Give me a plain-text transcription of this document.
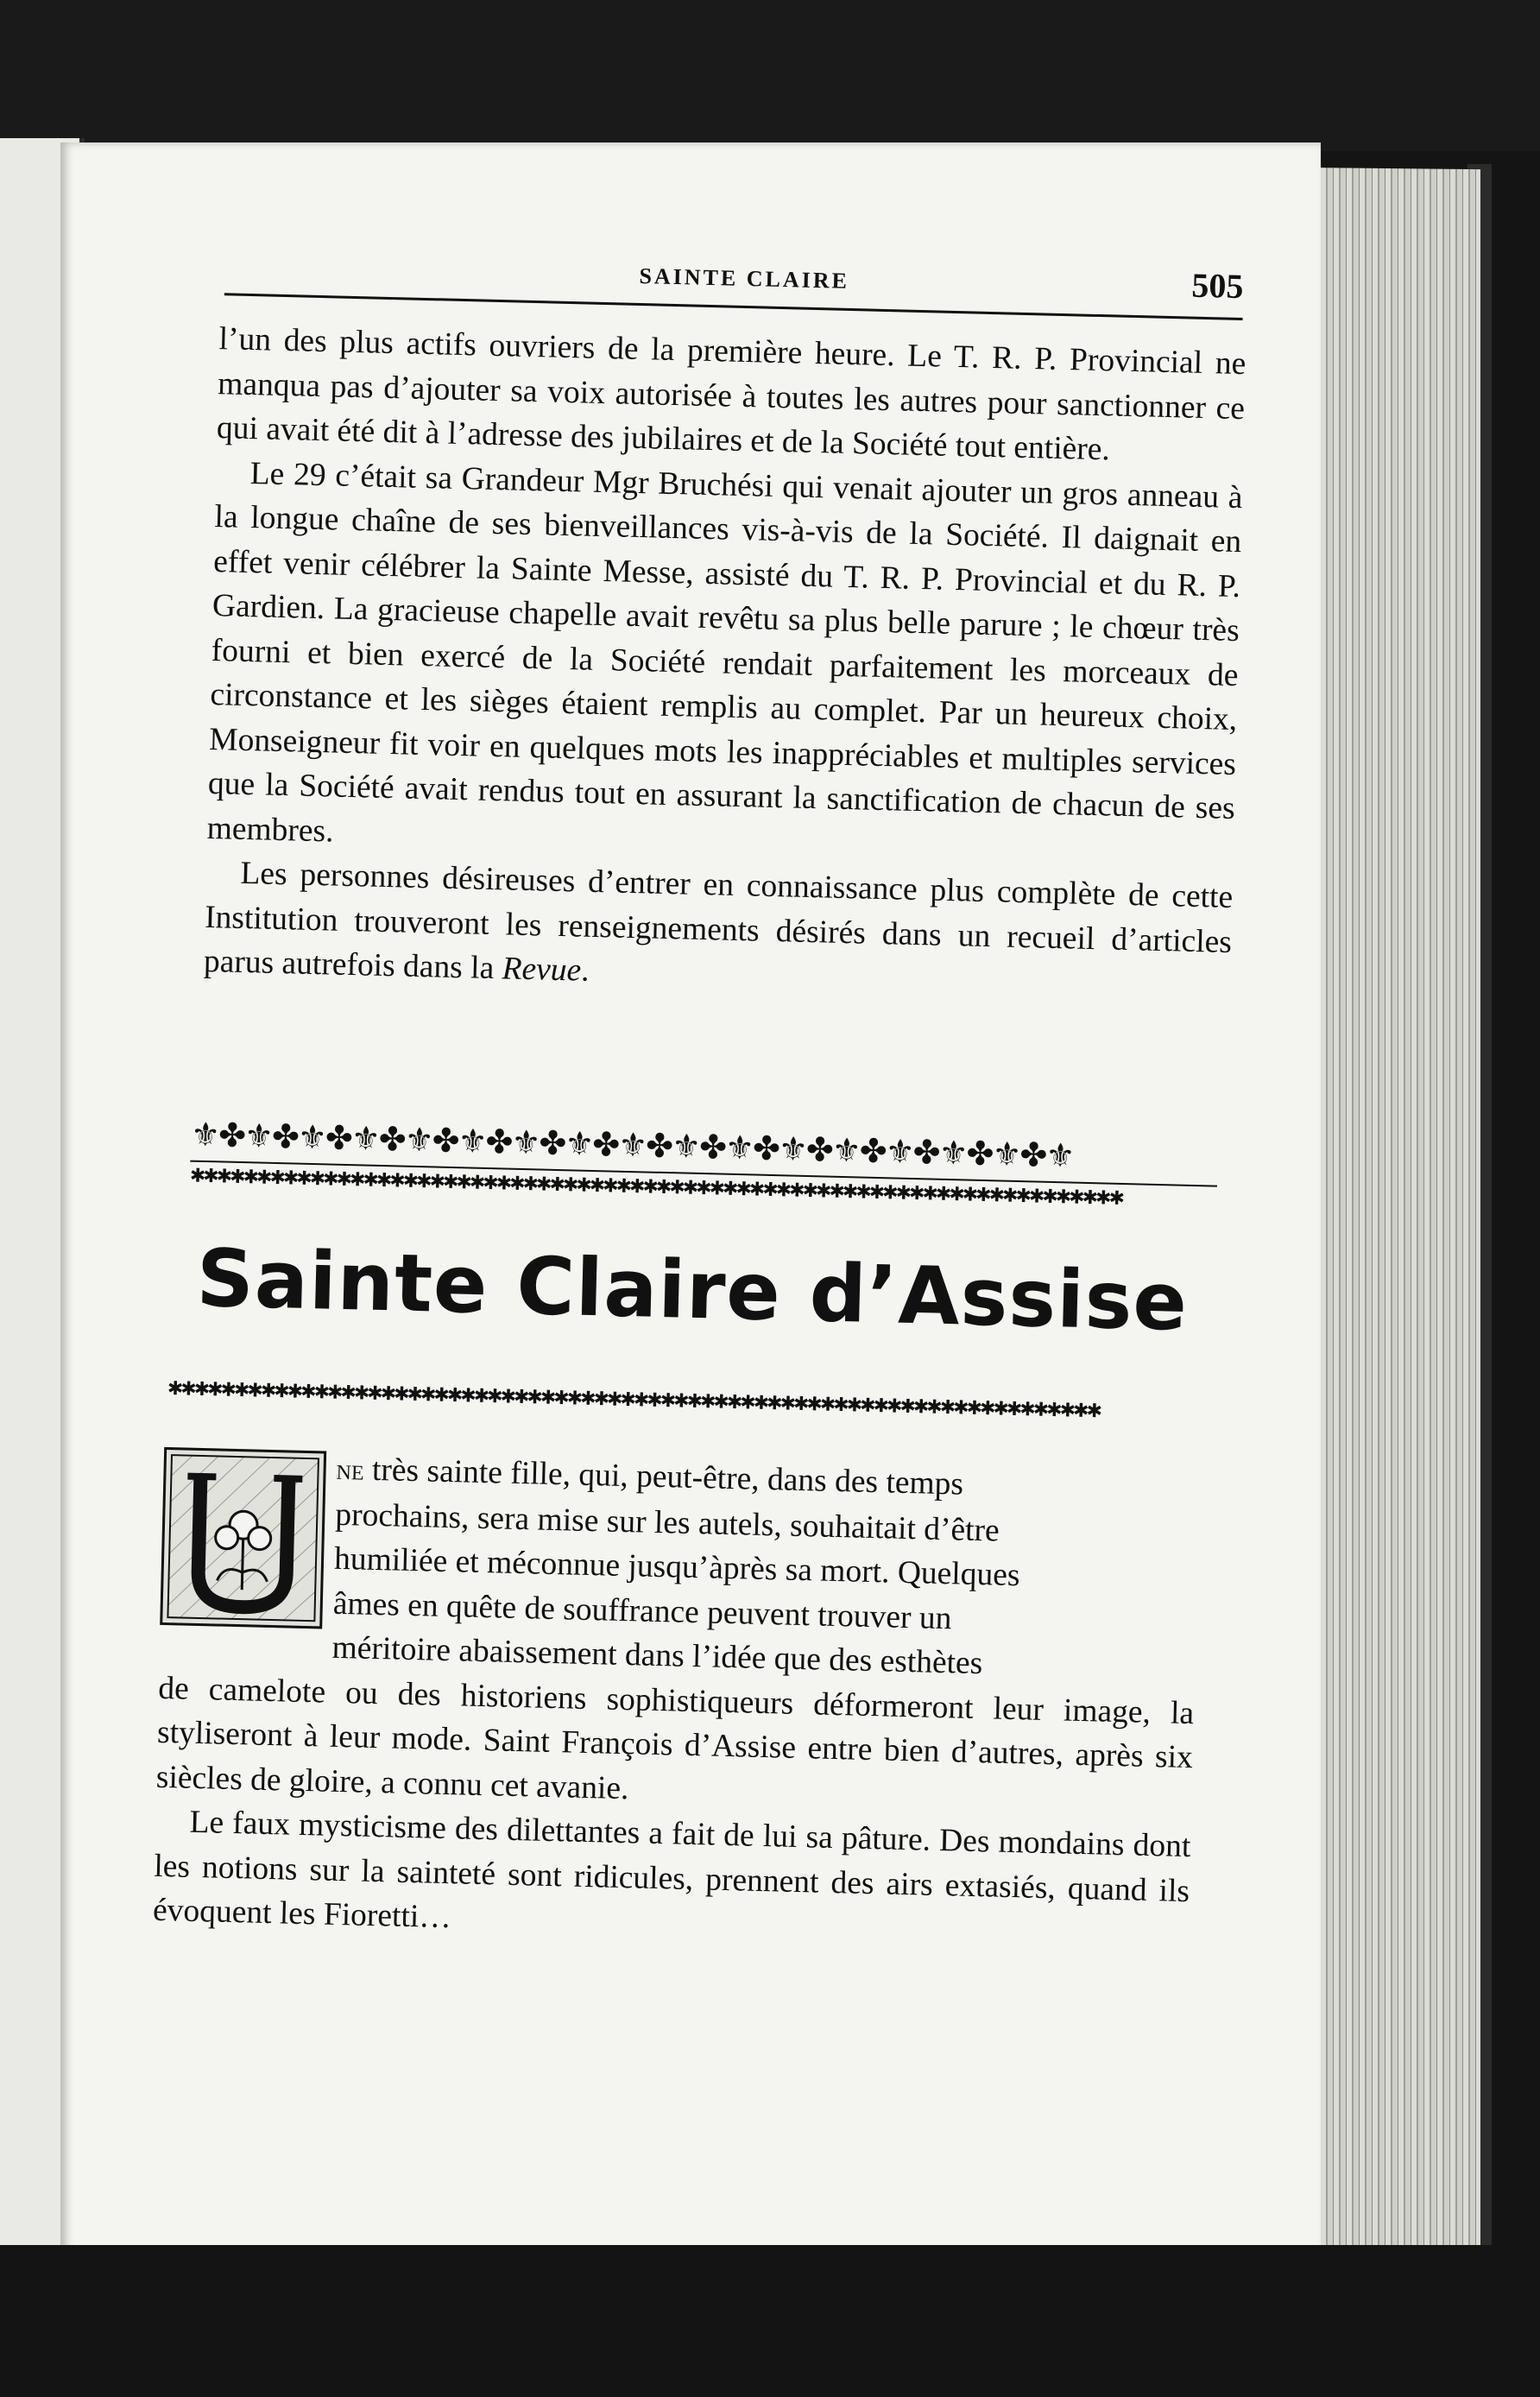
SAINTE CLAIRE	505

l’un des plus actifs ouvriers de la première heure. Le T. R. P. Provincial ne manqua pas d’ajouter sa voix autorisée à toutes les autres pour sanctionner ce qui avait été dit à l’adresse des jubilaires et de la Société tout entière.

Le 29 c’était sa Grandeur Mgr Bruchési qui venait ajouter un gros anneau à la longue chaîne de ses bienveillances vis-à-vis de la Société. Il daignait en effet venir célébrer la Sainte Messe, assisté du T. R. P. Provincial et du R. P. Gardien. La gracieuse chapelle avait revêtu sa plus belle parure ; le chœur très fourni et bien exercé de la Société rendait parfaitement les morceaux de circonstance et les sièges étaient remplis au complet. Par un heureux choix, Monseigneur fit voir en quelques mots les inappréciables et multiples services que la Société avait rendus tout en assurant la sanctification de chacun de ses membres.

Les personnes désireuses d’entrer en connaissance plus complète de cette Institution trouveront les renseignements désirés dans un recueil d’articles parus autrefois dans la Revue.

⚜✤⚜✤⚜✤⚜✤⚜✤⚜✤⚜✤⚜✤⚜✤⚜✤⚜✤⚜✤⚜✤⚜✤⚜✤⚜✤⚜
✱✱✱✱✱✱✱✱✱✱✱✱✱✱✱✱✱✱✱✱✱✱✱✱✱✱✱✱✱✱✱✱✱✱✱✱✱✱✱✱✱✱✱✱✱✱✱✱✱✱✱✱✱✱✱✱✱✱✱✱✱✱✱✱✱✱✱✱✱✱
Sainte Claire d’Assise
✱✱✱✱✱✱✱✱✱✱✱✱✱✱✱✱✱✱✱✱✱✱✱✱✱✱✱✱✱✱✱✱✱✱✱✱✱✱✱✱✱✱✱✱✱✱✱✱✱✱✱✱✱✱✱✱✱✱✱✱✱✱✱✱✱✱✱✱✱✱
ne très sainte fille, qui, peut-être, dans des temps
prochains, sera mise sur les autels, souhaitait d’être
humiliée et méconnue jusqu’àprès sa mort. Quelques
âmes en quête de souffrance peuvent trouver un
méritoire abaissement dans l’idée que des esthètes
de camelote ou des historiens sophistiqueurs déformeront leur image, la styliseront à leur mode. Saint François d’Assise entre bien d’autres, après six siècles de gloire, a connu cet avanie.
Le faux mysticisme des dilettantes a fait de lui sa pâture. Des mondains dont les notions sur la sainteté sont ridicules, prennent des airs extasiés, quand ils évoquent les Fioretti…
